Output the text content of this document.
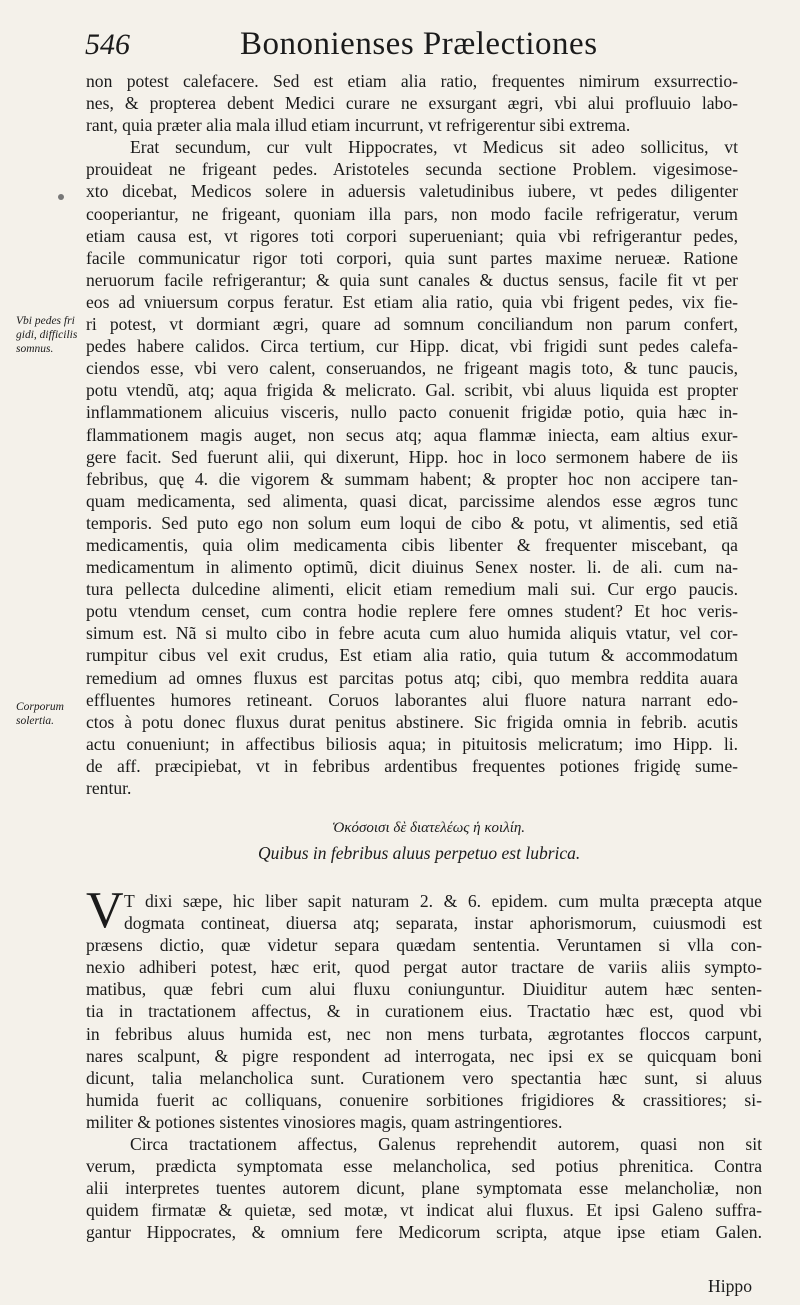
546	Bononienses Prælectiones
Vbi pedes fri
gidi, difficilis
somnus.
Corporum
solertia.
non potest calefacere. Sed est etiam alia ratio, frequentes nimirum exsurrectio-
nes, & propterea debent Medici curare ne exsurgant ægri, vbi alui profluuio labo-
rant, quia præter alia mala illud etiam incurrunt, vt refrigerentur sibi extrema.
Erat secundum, cur vult Hippocrates, vt Medicus sit adeo sollicitus, vt
prouideat ne frigeant pedes. Aristoteles secunda sectione Problem. vigesimose-
xto dicebat, Medicos solere in aduersis valetudinibus iubere, vt pedes diligenter
cooperiantur, ne frigeant, quoniam illa pars, non modo facile refrigeratur, verum
etiam causa est, vt rigores toti corpori superueniant; quia vbi refrigerantur pedes,
facile communicatur rigor toti corpori, quia sunt partes maxime nerueæ. Ratione
neruorum facile refrigerantur; & quia sunt canales & ductus sensus, facile fit vt per
eos ad vniuersum corpus feratur. Est etiam alia ratio, quia vbi frigent pedes, vix fie-
ri potest, vt dormiant ægri, quare ad somnum conciliandum non parum confert,
pedes habere calidos. Circa tertium, cur Hipp. dicat, vbi frigidi sunt pedes calefa-
ciendos esse, vbi vero calent, conseruandos, ne frigeant magis toto, & tunc paucis,
potu vtendũ, atq; aqua frigida & melicrato. Gal. scribit, vbi aluus liquida est propter
inflammationem alicuius visceris, nullo pacto conuenit frigidæ potio, quia hæc in-
flammationem magis auget, non secus atq; aqua flammæ iniecta, eam altius exur-
gere facit. Sed fuerunt alii, qui dixerunt, Hipp. hoc in loco sermonem habere de iis
febribus, quę 4. die vigorem & summam habent; & propter hoc non accipere tan-
quam medicamenta, sed alimenta, quasi dicat, parcissime alendos esse ægros tunc
temporis. Sed puto ego non solum eum loqui de cibo & potu, vt alimentis, sed etiã
medicamentis, quia olim medicamenta cibis libenter & frequenter miscebant, qa
medicamentum in alimento optimũ, dicit diuinus Senex noster. li. de ali. cum na-
tura pellecta dulcedine alimenti, elicit etiam remedium mali sui. Cur ergo paucis.
potu vtendum censet, cum contra hodie replere fere omnes student? Et hoc veris-
simum est. Nã si multo cibo in febre acuta cum aluo humida aliquis vtatur, vel cor-
rumpitur cibus vel exit crudus, Est etiam alia ratio, quia tutum & accommodatum
remedium ad omnes fluxus est parcitas potus atq; cibi, quo membra reddita auara
effluentes humores retineant. Coruos laborantes alui fluore natura narrant edo-
ctos à potu donec fluxus durat penitus abstinere. Sic frigida omnia in febrib. acutis
actu conueniunt; in affectibus biliosis aqua; in pituitosis melicratum; imo Hipp. li.
de aff. præcipiebat, vt in febribus ardentibus frequentes potiones frigidę sume-
rentur.
Ὁκόσοισι δὲ διατελέως ἡ κοιλίη.
Quibus in febribus aluus perpetuo est lubrica.
V T dixi sæpe, hic liber sapit naturam 2. & 6. epidem. cum multa præcepta atque
dogmata contineat, diuersa atq; separata, instar aphorismorum, cuiusmodi est
præsens dictio, quæ videtur separa quædam sententia. Veruntamen si vlla con-
nexio adhiberi potest, hæc erit, quod pergat autor tractare de variis aliis sympto-
matibus, quæ febri cum alui fluxu coniunguntur. Diuiditur autem hæc senten-
tia in tractationem affectus, & in curationem eius. Tractatio hæc est, quod vbi
in febribus aluus humida est, nec non mens turbata, ægrotantes floccos carpunt,
nares scalpunt, & pigre respondent ad interrogata, nec ipsi ex se quicquam boni
dicunt, talia melancholica sunt. Curationem vero spectantia hæc sunt, si aluus
humida fuerit ac colliquans, conuenire sorbitiones frigidiores & crassitiores; si-
militer & potiones sistentes vinosiores magis, quam astringentiores.
Circa tractationem affectus, Galenus reprehendit autorem, quasi non sit
verum, prædicta symptomata esse melancholica, sed potius phrenitica. Contra
alii interpretes tuentes autorem dicunt, plane symptomata esse melancholiæ, non
quidem firmatæ & quietæ, sed motæ, vt indicat alui fluxus. Et ipsi Galeno suffra-
gantur Hippocrates, & omnium fere Medicorum scripta, atque ipse etiam Galen.
Hippo
